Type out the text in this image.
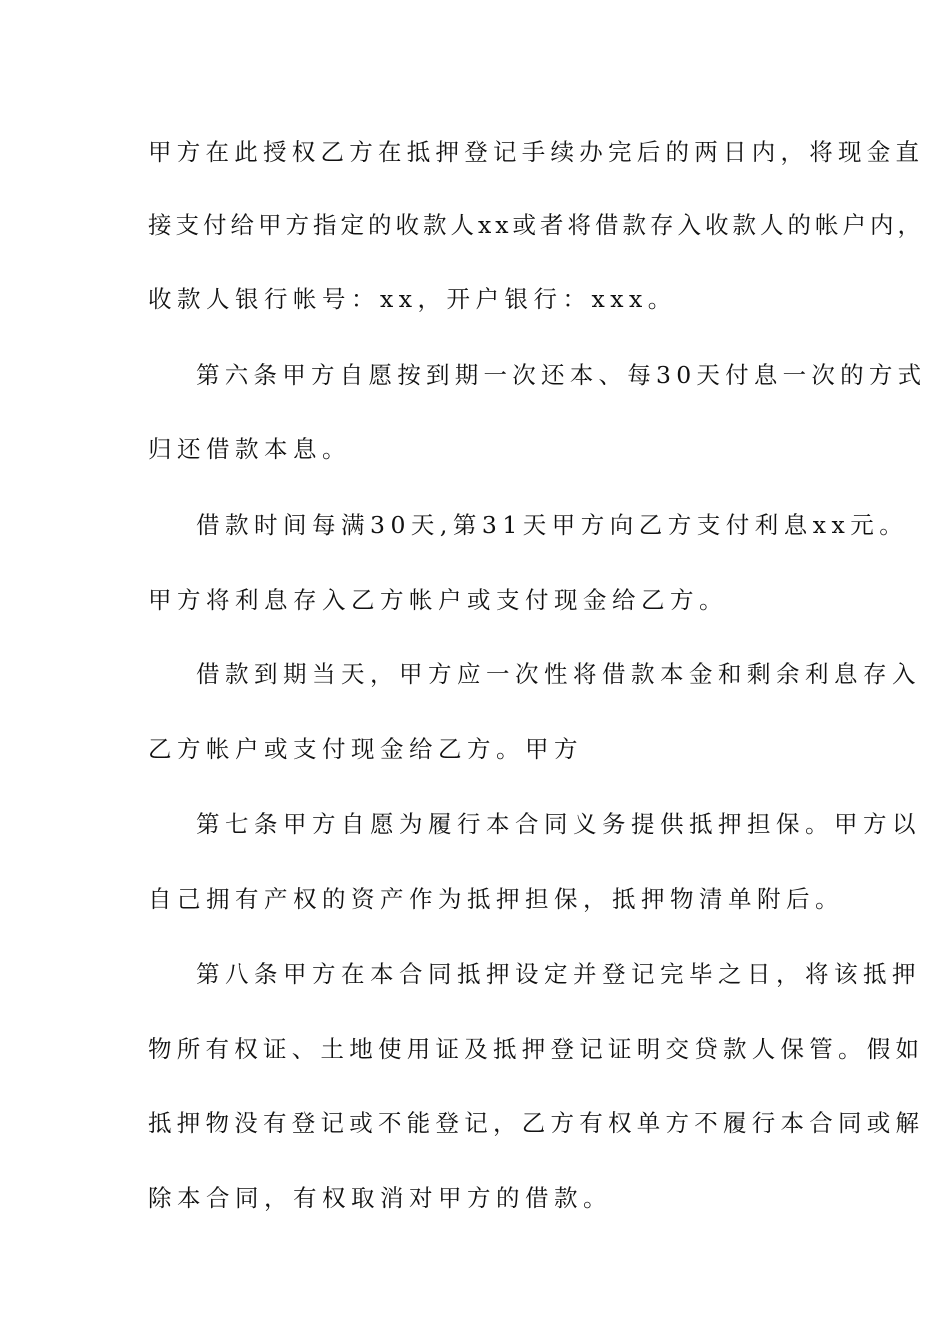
甲方在此授权乙方在抵押登记手续办完后的两日内，将现金直
接支付给甲方指定的收款人xx或者将借款存入收款人的帐户内，
收款人银行帐号：xx，开户银行：xxx。
第六条甲方自愿按到期一次还本、每30天付息一次的方式
归还借款本息。
借款时间每满30天,第31天甲方向乙方支付利息xx元。
甲方将利息存入乙方帐户或支付现金给乙方。
借款到期当天，甲方应一次性将借款本金和剩余利息存入
乙方帐户或支付现金给乙方。甲方
第七条甲方自愿为履行本合同义务提供抵押担保。甲方以
自己拥有产权的资产作为抵押担保，抵押物清单附后。
第八条甲方在本合同抵押设定并登记完毕之日，将该抵押
物所有权证、土地使用证及抵押登记证明交贷款人保管。假如
抵押物没有登记或不能登记，乙方有权单方不履行本合同或解
除本合同，有权取消对甲方的借款。
